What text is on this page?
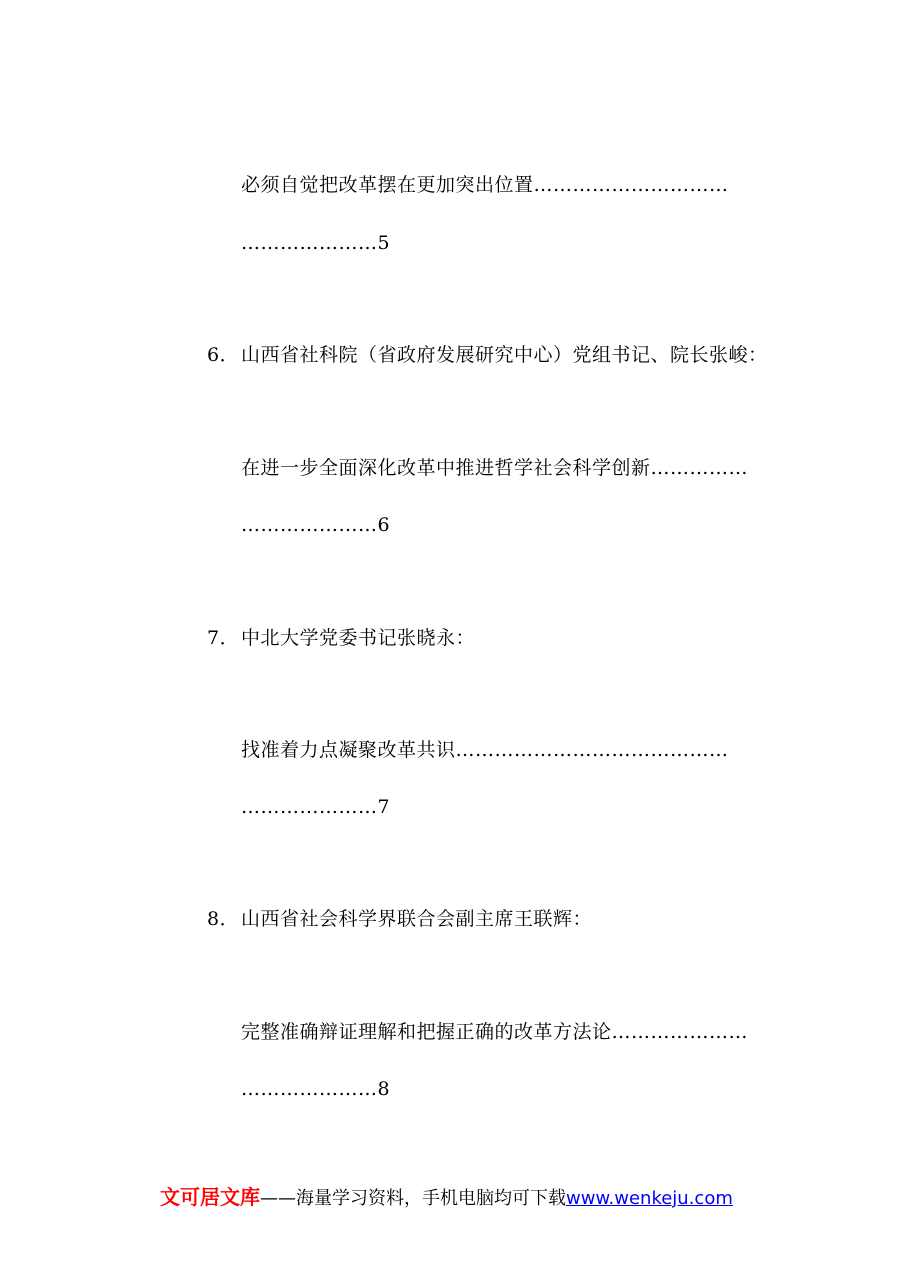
必须自觉把改革摆在更加突出位置…………………………
…………………5
6． 山西省社科院（省政府发展研究中心）党组书记、院长张峻：
在进一步全面深化改革中推进哲学社会科学创新……………
…………………6
7． 中北大学党委书记张晓永：
找准着力点凝聚改革共识……………………………………
…………………7
8． 山西省社会科学界联合会副主席王联辉：
完整准确辩证理解和把握正确的改革方法论…………………
…………………8
文可居文库——海量学习资料，手机电脑均可下载www.wenkeju.com
